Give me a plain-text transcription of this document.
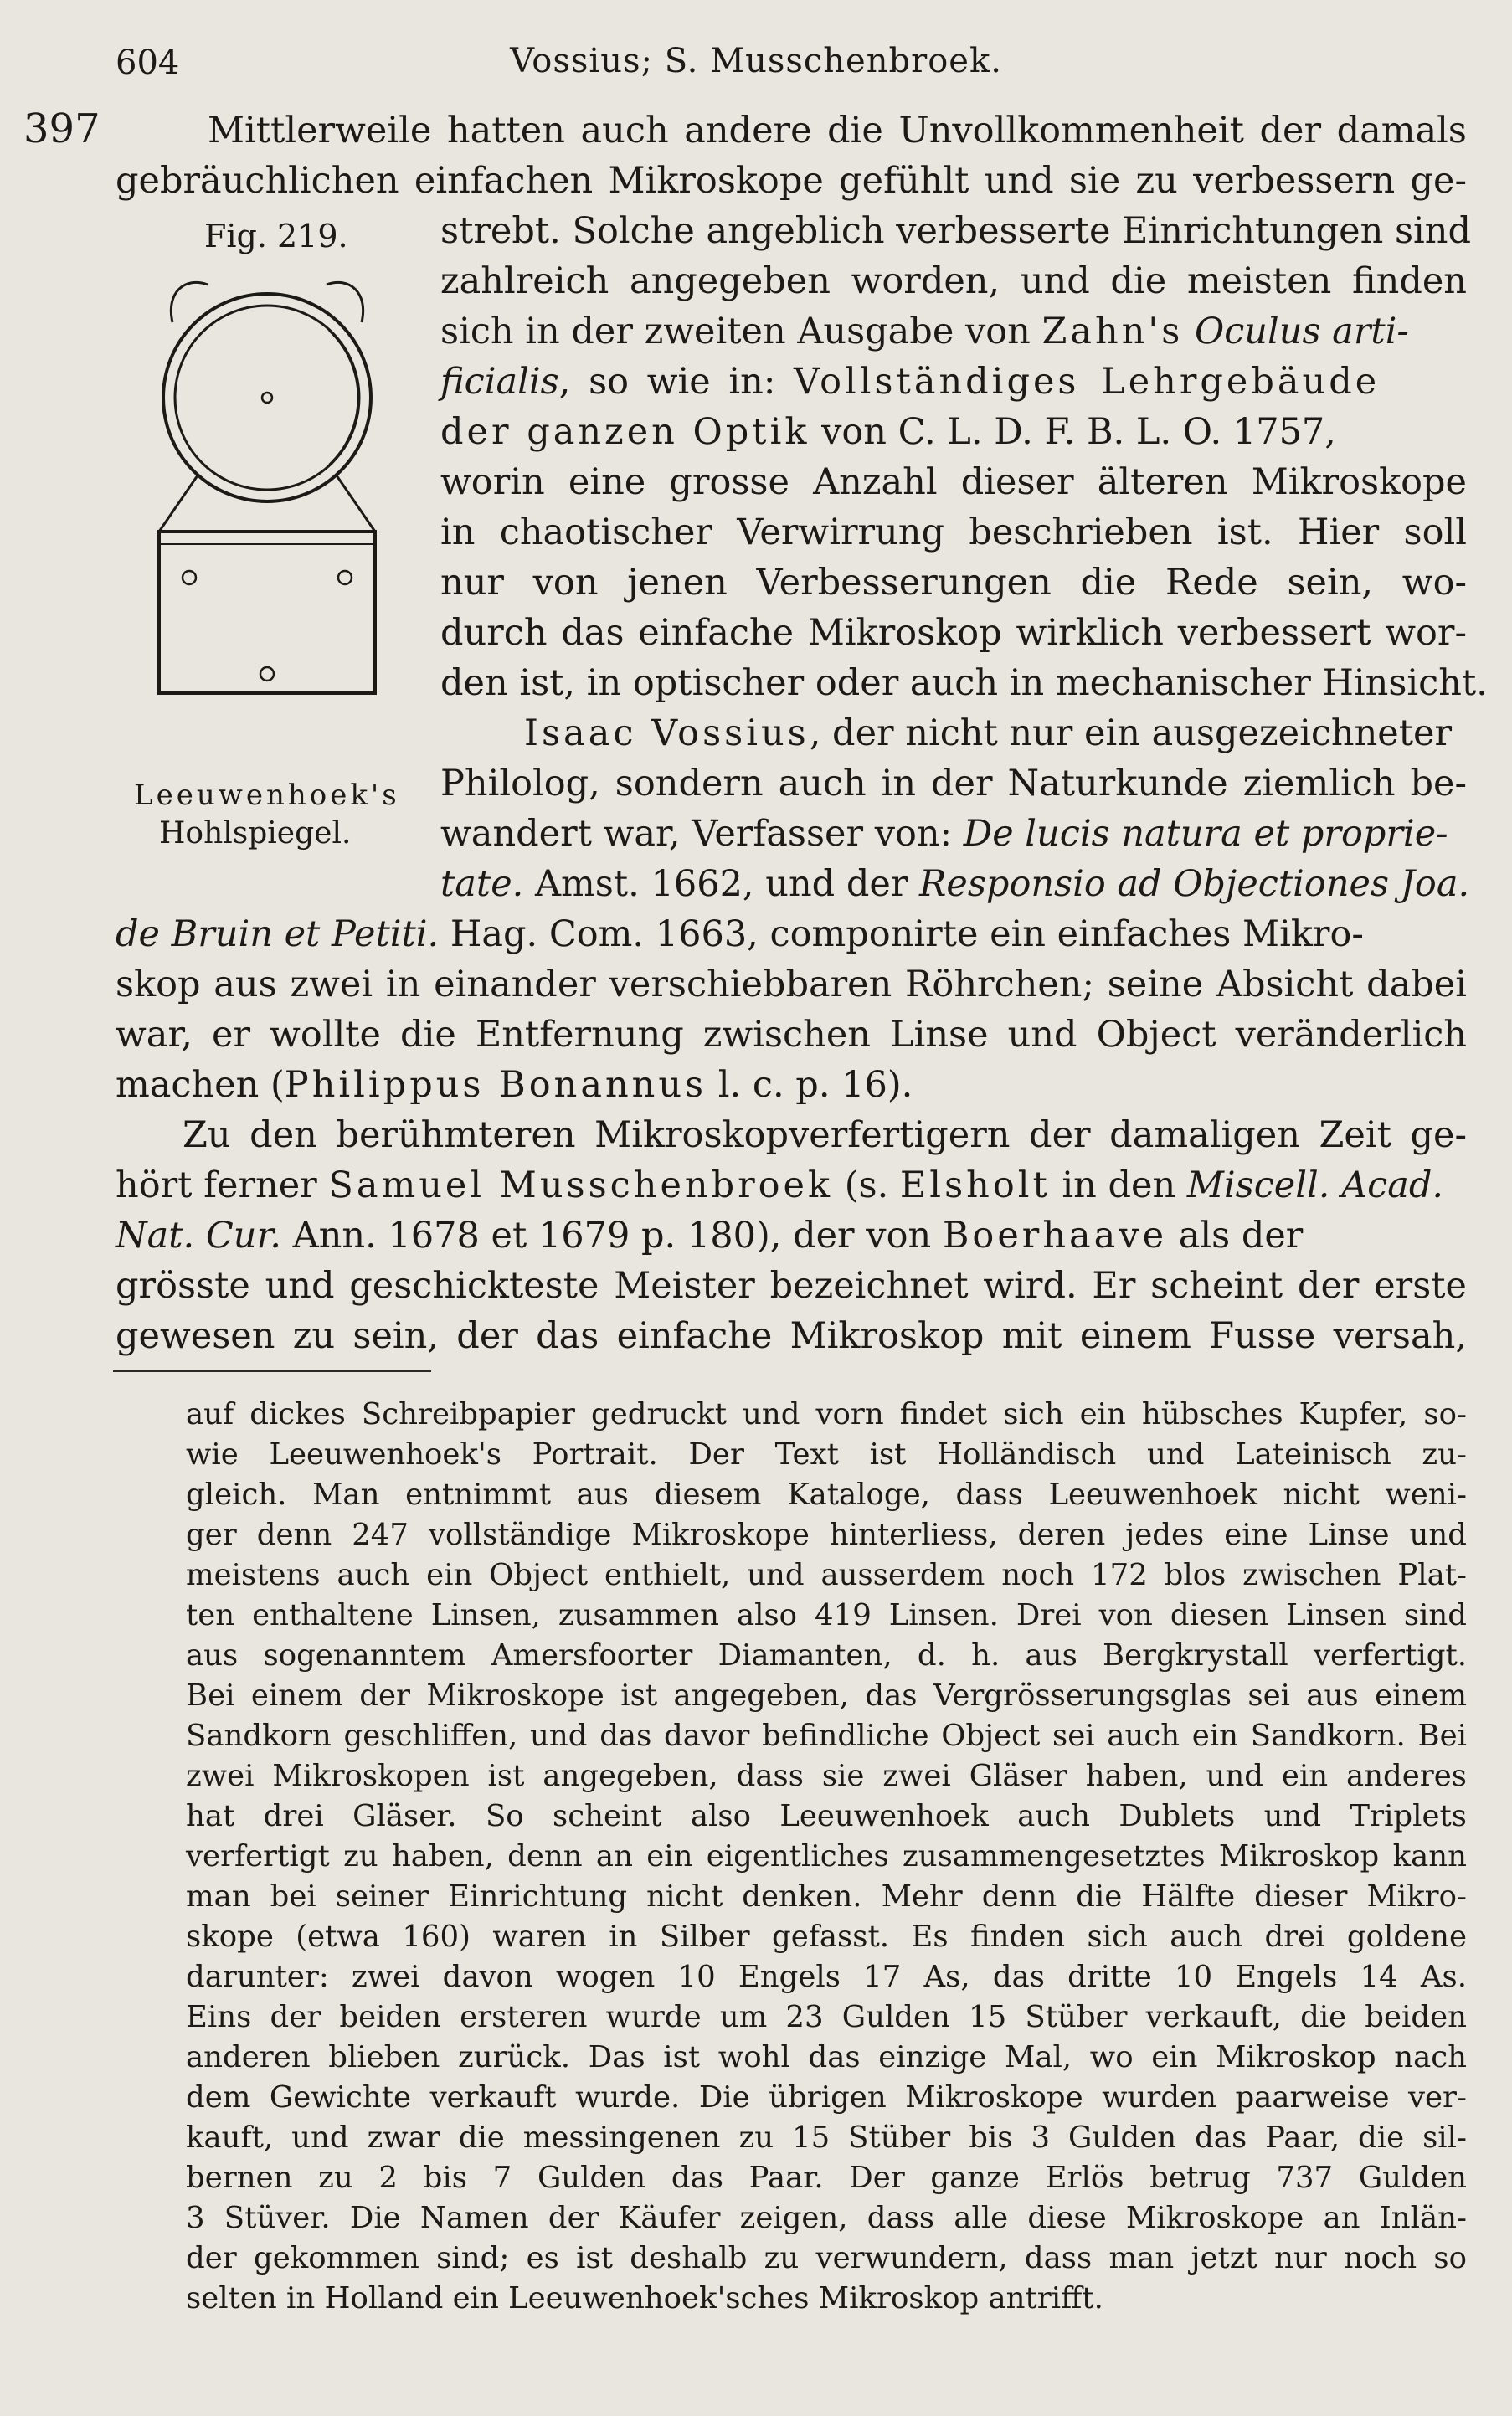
604	Vossius; S. Musschenbroek.
397
Fig. 219.
Leeuwenhoek's
Hohlspiegel.
Mittlerweile hatten auch andere die Unvollkommenheit der damals
gebräuchlichen einfachen Mikroskope gefühlt und sie zu verbessern ge-
strebt. Solche angeblich verbesserte Einrichtungen sind
zahlreich angegeben worden, und die meisten finden
sich in der zweiten Ausgabe von Zahn's Oculus arti-
ficialis, so wie in: Vollständiges Lehrgebäude
der ganzen Optik von C. L. D. F. B. L. O. 1757,
worin eine grosse Anzahl dieser älteren Mikroskope
in chaotischer Verwirrung beschrieben ist. Hier soll
nur von jenen Verbesserungen die Rede sein, wo-
durch das einfache Mikroskop wirklich verbessert wor-
den ist, in optischer oder auch in mechanischer Hinsicht.
Isaac Vossius, der nicht nur ein ausgezeichneter
Philolog, sondern auch in der Naturkunde ziemlich be-
wandert war, Verfasser von: De lucis natura et proprie-
tate. Amst. 1662, und der Responsio ad Objectiones Joa.
de Bruin et Petiti. Hag. Com. 1663, componirte ein einfaches Mikro-
skop aus zwei in einander verschiebbaren Röhrchen; seine Absicht dabei
war, er wollte die Entfernung zwischen Linse und Object veränderlich
machen (Philippus Bonannus l. c. p. 16).
Zu den berühmteren Mikroskopverfertigern der damaligen Zeit ge-
hört ferner Samuel Musschenbroek (s. Elsholt in den Miscell. Acad.
Nat. Cur. Ann. 1678 et 1679 p. 180), der von Boerhaave als der
grösste und geschickteste Meister bezeichnet wird. Er scheint der erste
gewesen zu sein, der das einfache Mikroskop mit einem Fusse versah,
auf dickes Schreibpapier gedruckt und vorn findet sich ein hübsches Kupfer, so-
wie Leeuwenhoek's Portrait. Der Text ist Holländisch und Lateinisch zu-
gleich. Man entnimmt aus diesem Kataloge, dass Leeuwenhoek nicht weni-
ger denn 247 vollständige Mikroskope hinterliess, deren jedes eine Linse und
meistens auch ein Object enthielt, und ausserdem noch 172 blos zwischen Plat-
ten enthaltene Linsen, zusammen also 419 Linsen. Drei von diesen Linsen sind
aus sogenanntem Amersfoorter Diamanten, d. h. aus Bergkrystall verfertigt.
Bei einem der Mikroskope ist angegeben, das Vergrösserungsglas sei aus einem
Sandkorn geschliffen, und das davor befindliche Object sei auch ein Sandkorn. Bei
zwei Mikroskopen ist angegeben, dass sie zwei Gläser haben, und ein anderes
hat drei Gläser. So scheint also Leeuwenhoek auch Dublets und Triplets
verfertigt zu haben, denn an ein eigentliches zusammengesetztes Mikroskop kann
man bei seiner Einrichtung nicht denken. Mehr denn die Hälfte dieser Mikro-
skope (etwa 160) waren in Silber gefasst. Es finden sich auch drei goldene
darunter: zwei davon wogen 10 Engels 17 As, das dritte 10 Engels 14 As.
Eins der beiden ersteren wurde um 23 Gulden 15 Stüber verkauft, die beiden
anderen blieben zurück. Das ist wohl das einzige Mal, wo ein Mikroskop nach
dem Gewichte verkauft wurde. Die übrigen Mikroskope wurden paarweise ver-
kauft, und zwar die messingenen zu 15 Stüber bis 3 Gulden das Paar, die sil-
bernen zu 2 bis 7 Gulden das Paar. Der ganze Erlös betrug 737 Gulden
3 Stüver. Die Namen der Käufer zeigen, dass alle diese Mikroskope an Inlän-
der gekommen sind; es ist deshalb zu verwundern, dass man jetzt nur noch so
selten in Holland ein Leeuwenhoek'sches Mikroskop antrifft.
